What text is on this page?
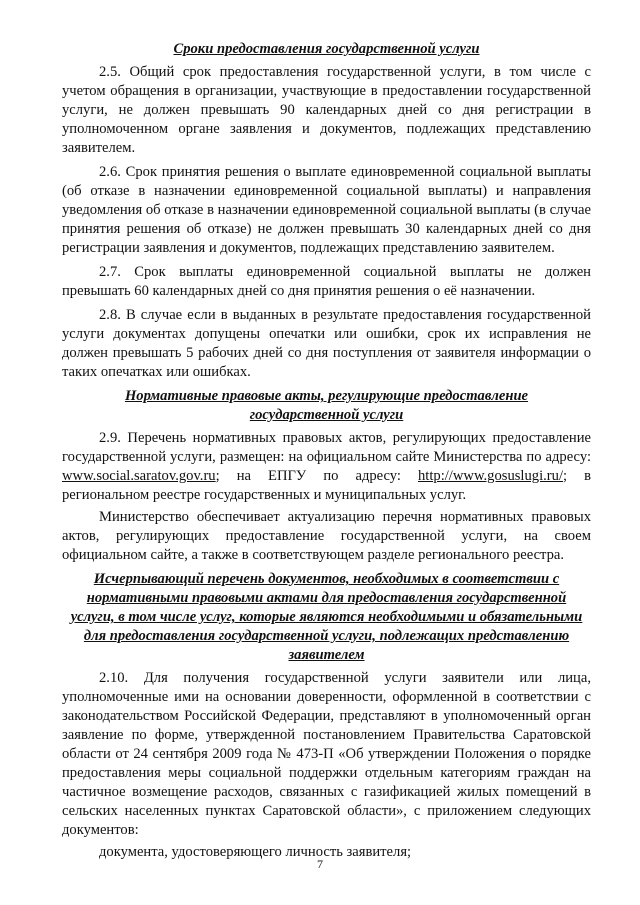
Сроки предоставления государственной услуги

2.5. Общий срок предоставления государственной услуги, в том числе с учетом обращения в организации, участвующие в предоставлении государственной услуги, не должен превышать 90 календарных дней со дня регистрации в уполномоченном органе заявления и документов, подлежащих представлению заявителем.

2.6. Срок принятия решения о выплате единовременной социальной выплаты (об отказе в назначении единовременной социальной выплаты) и направления уведомления об отказе в назначении единовременной социальной выплаты (в случае принятия решения об отказе) не должен превышать 30 календарных дней со дня регистрации заявления и документов, подлежащих представлению заявителем.

2.7. Срок выплаты единовременной социальной выплаты не должен превышать 60 календарных дней со дня принятия решения о её назначении.

2.8. В случае если в выданных в результате предоставления государственной услуги документах допущены опечатки или ошибки, срок их исправления не должен превышать 5 рабочих дней со дня поступления от заявителя информации о таких опечатках или ошибках.

Нормативные правовые акты, регулирующие предоставление
государственной услуги

2.9. Перечень нормативных правовых актов, регулирующих предоставление государственной услуги, размещен: на официальном сайте Министерства по адресу: www.social.saratov.gov.ru; на ЕПГУ по адресу: http://www.gosuslugi.ru/; в региональном реестре государственных и муниципальных услуг.

Министерство обеспечивает актуализацию перечня нормативных правовых актов, регулирующих предоставление государственной услуги, на своем официальном сайте, а также в соответствующем разделе регионального реестра.

Исчерпывающий перечень документов, необходимых в соответствии с
нормативными правовыми актами для предоставления государственной
услуги, в том числе услуг, которые являются необходимыми и обязательными
для предоставления государственной услуги, подлежащих представлению
заявителем

2.10. Для получения государственной услуги заявители или лица, уполномоченные ими на основании доверенности, оформленной в соответствии с законодательством Российской Федерации, представляют в уполномоченный орган заявление по форме, утвержденной постановлением Правительства Саратовской области от 24 сентября 2009 года № 473-П «Об утверждении Положения о порядке предоставления меры социальной поддержки отдельным категориям граждан на частичное возмещение расходов, связанных с газификацией жилых помещений в сельских населенных пунктах Саратовской области», с приложением следующих документов:

документа, удостоверяющего личность заявителя;

7
